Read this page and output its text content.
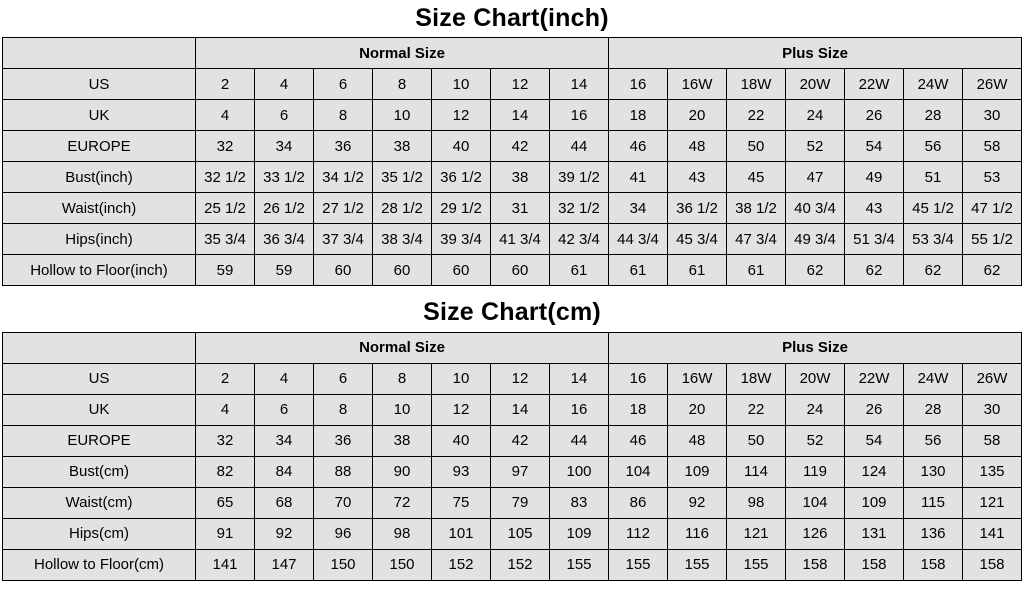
Size Chart(inch)
	Normal Size							Plus Size						
US	2	4	6	8	10	12	14	16	16W	18W	20W	22W	24W	26W
UK	4	6	8	10	12	14	16	18	20	22	24	26	28	30
EUROPE	32	34	36	38	40	42	44	46	48	50	52	54	56	58
Bust(inch)	32 1/2	33 1/2	34 1/2	35 1/2	36 1/2	38	39 1/2	41	43	45	47	49	51	53
Waist(inch)	25 1/2	26 1/2	27 1/2	28 1/2	29 1/2	31	32 1/2	34	36 1/2	38 1/2	40 3/4	43	45 1/2	47 1/2
Hips(inch)	35 3/4	36 3/4	37 3/4	38 3/4	39 3/4	41 3/4	42 3/4	44 3/4	45 3/4	47 3/4	49 3/4	51 3/4	53 3/4	55 1/2
Hollow to Floor(inch)	59	59	60	60	60	60	61	61	61	61	62	62	62	62
Size Chart(cm)
	Normal Size							Plus Size						
US	2	4	6	8	10	12	14	16	16W	18W	20W	22W	24W	26W
UK	4	6	8	10	12	14	16	18	20	22	24	26	28	30
EUROPE	32	34	36	38	40	42	44	46	48	50	52	54	56	58
Bust(cm)	82	84	88	90	93	97	100	104	109	114	119	124	130	135
Waist(cm)	65	68	70	72	75	79	83	86	92	98	104	109	115	121
Hips(cm)	91	92	96	98	101	105	109	112	116	121	126	131	136	141
Hollow to Floor(cm)	141	147	150	150	152	152	155	155	155	155	158	158	158	158
